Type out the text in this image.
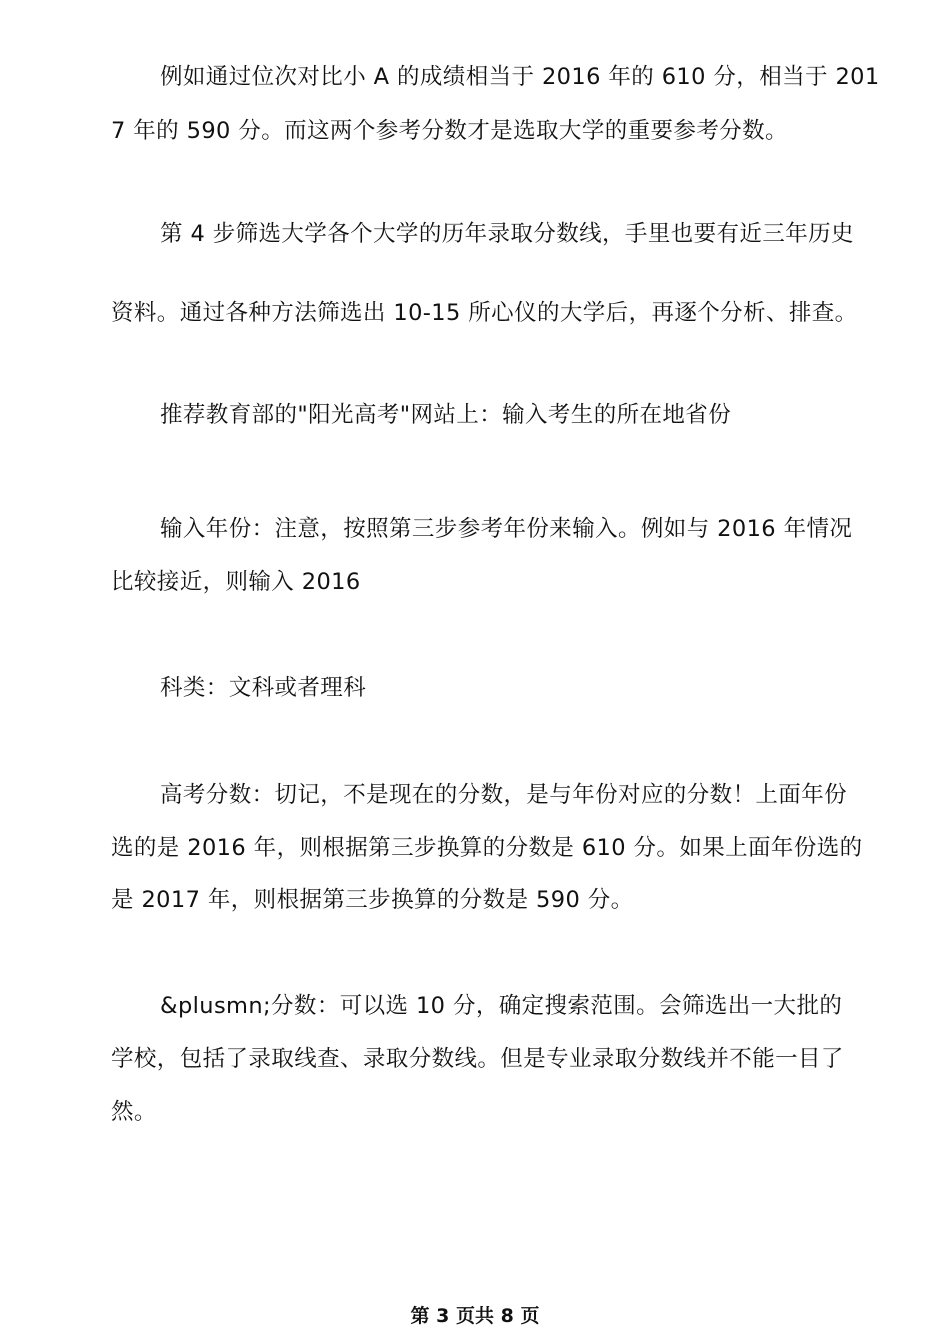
例如通过位次对比小 A 的成绩相当于 2016 年的 610 分，相当于 201
7 年的 590 分。而这两个参考分数才是选取大学的重要参考分数。
第 4 步筛选大学各个大学的历年录取分数线，手里也要有近三年历史
资料。通过各种方法筛选出 10-15 所心仪的大学后，再逐个分析、排查。
推荐教育部的"阳光高考"网站上：输入考生的所在地省份
输入年份：注意，按照第三步参考年份来输入。例如与 2016 年情况
比较接近，则输入 2016
科类：文科或者理科
高考分数：切记，不是现在的分数，是与年份对应的分数！上面年份
选的是 2016 年，则根据第三步换算的分数是 610 分。如果上面年份选的
是 2017 年，则根据第三步换算的分数是 590 分。
&plusmn;分数：可以选 10 分，确定搜索范围。会筛选出一大批的
学校，包括了录取线查、录取分数线。但是专业录取分数线并不能一目了
然。
第 3 页共 8 页
